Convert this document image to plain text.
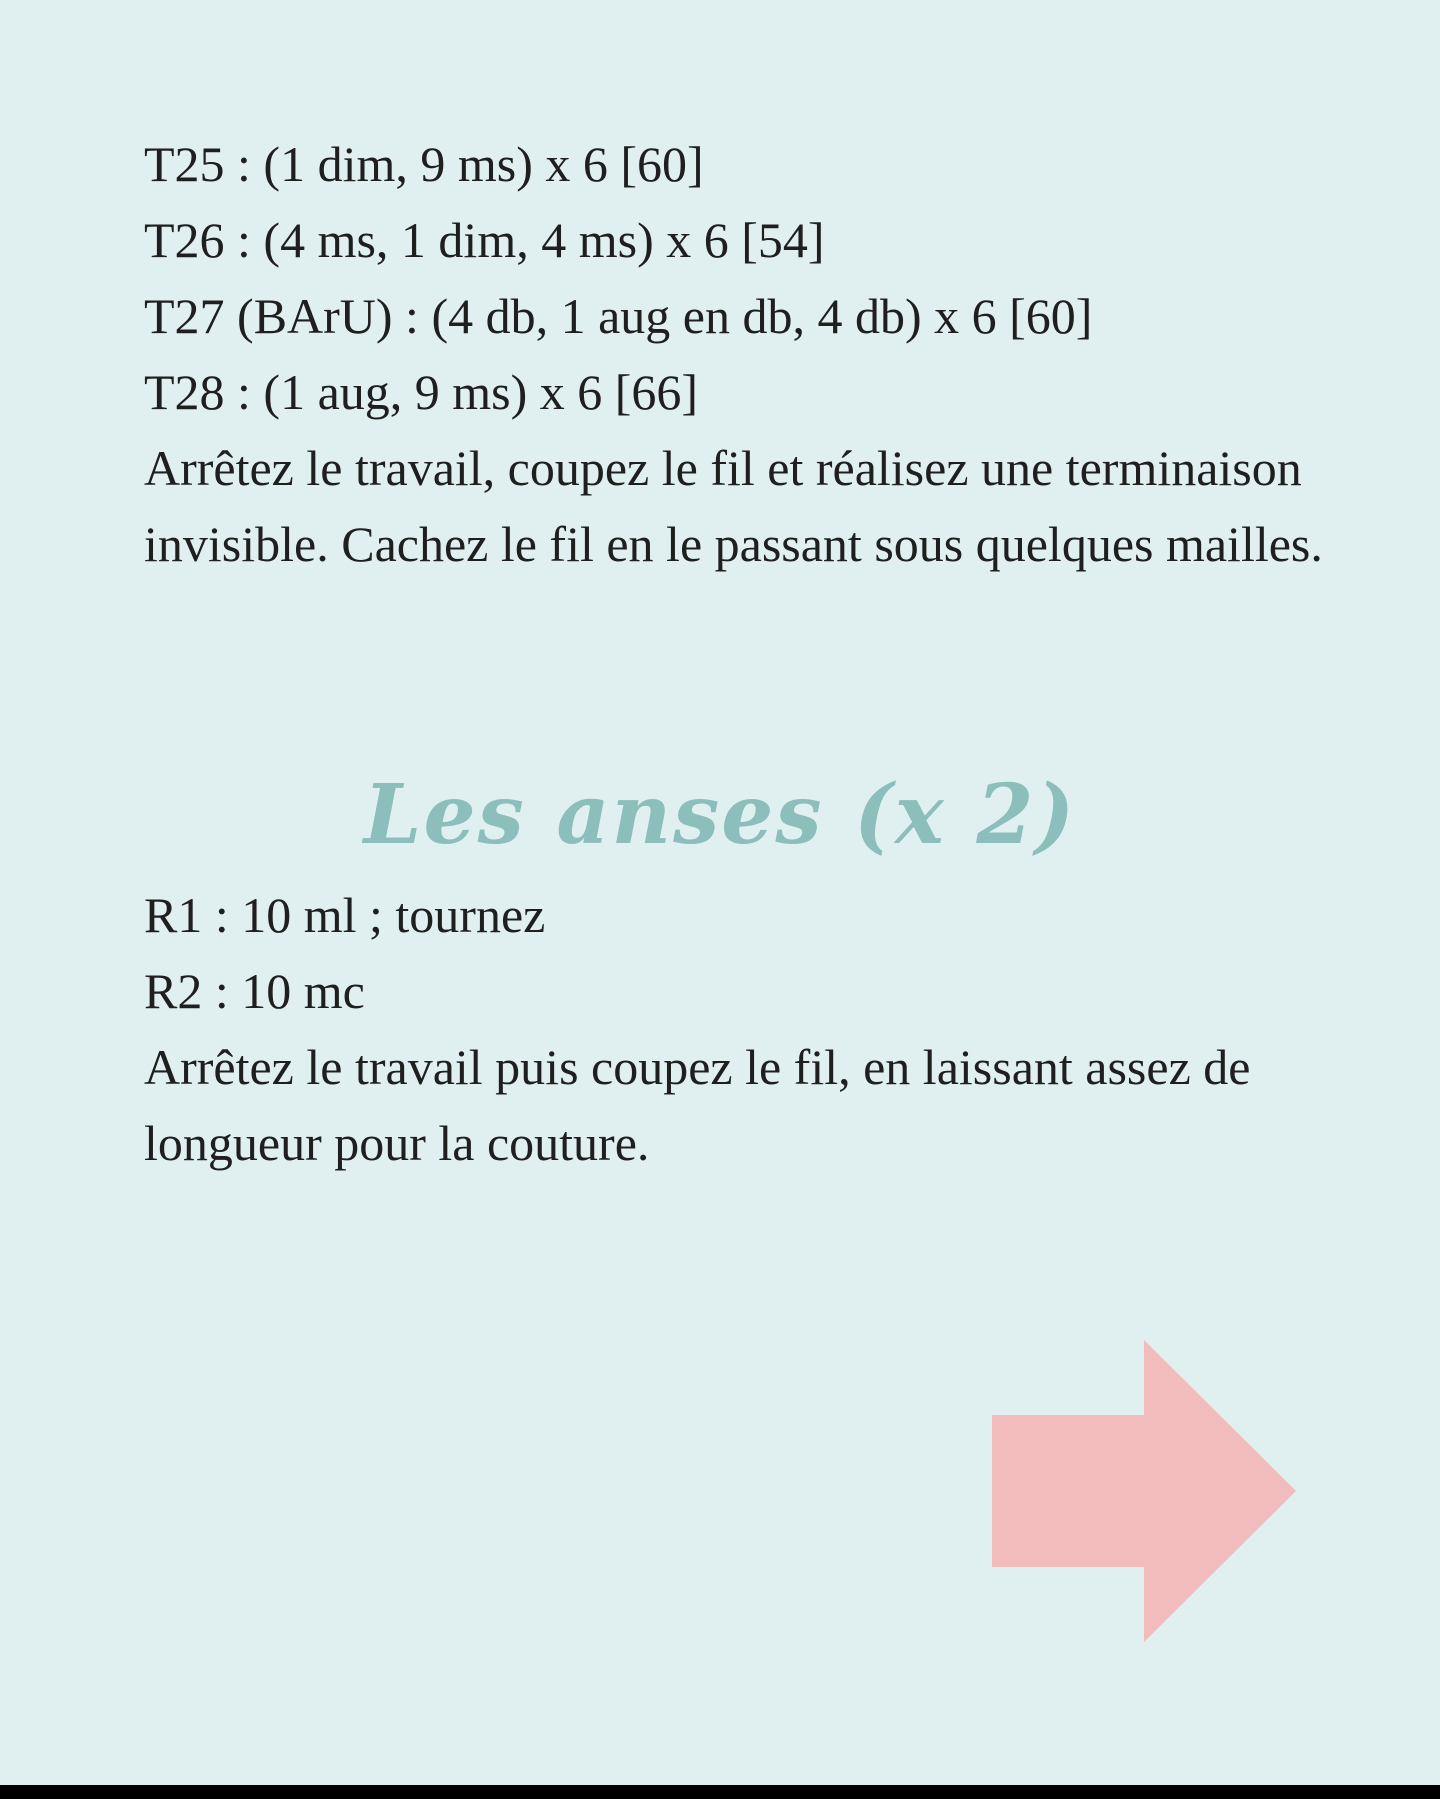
T25 : (1 dim, 9 ms) x 6 [60]

T26 : (4 ms, 1 dim, 4 ms) x 6 [54]

T27 (BArU) : (4 db, 1 aug en db, 4 db) x 6 [60]

T28 : (1 aug, 9 ms) x 6 [66]

Arrêtez le travail, coupez le fil et réalisez une terminaison invisible. Cachez le fil en le passant sous quelques mailles.

Les anses (x 2)

R1 : 10 ml ; tournez

R2 : 10 mc

Arrêtez le travail puis coupez le fil, en laissant assez de longueur pour la couture.
